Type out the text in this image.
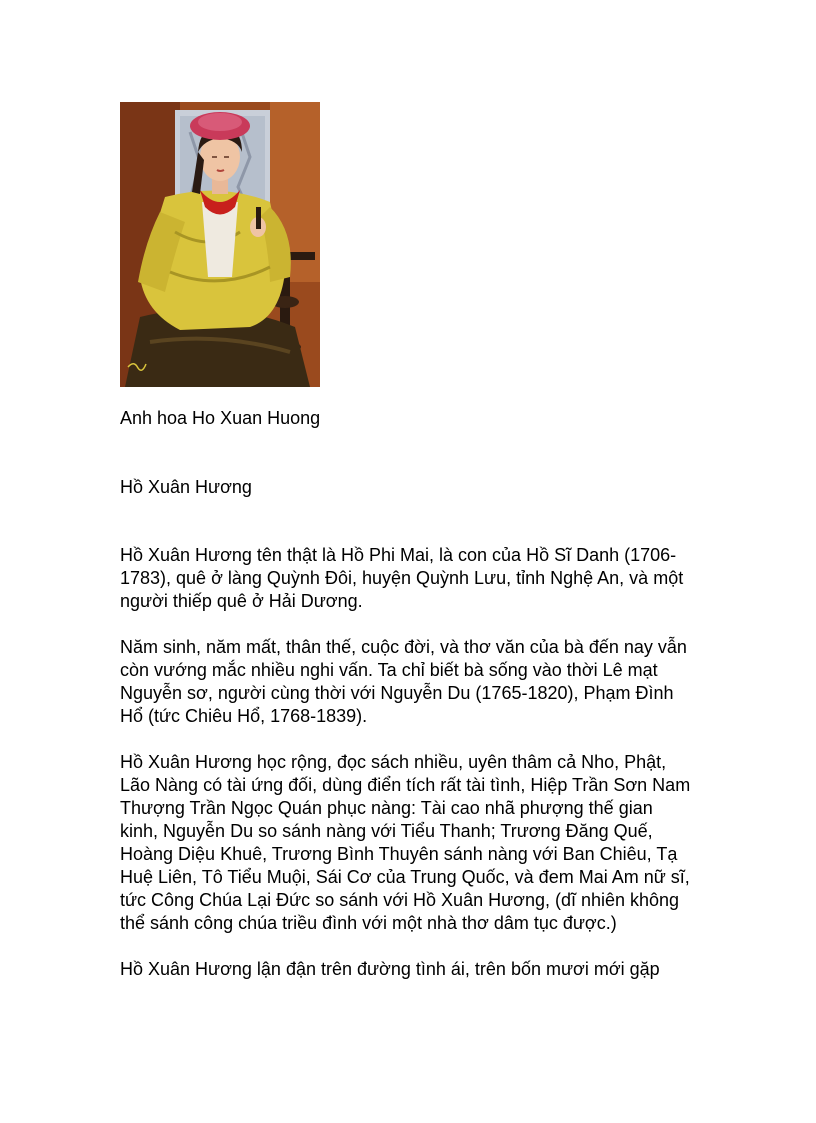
Anh hoa Ho Xuan Huong
Hồ Xuân Hương

Hồ Xuân Hương tên thật là Hồ Phi Mai, là con của Hồ Sĩ Danh (1706-1783), quê ở làng Quỳnh Đôi, huyện Quỳnh Lưu, tỉnh Nghệ An, và một người thiếp quê ở Hải Dương.

Năm sinh, năm mất, thân thế, cuộc đời, và thơ văn của bà đến nay vẫn còn vướng mắc nhiều nghi vấn. Ta chỉ biết bà sống vào thời Lê mạt Nguyễn sơ, người cùng thời với Nguyễn Du (1765-1820), Phạm Đình Hổ (tức Chiêu Hổ, 1768-1839).

Hồ Xuân Hương học rộng, đọc sách nhiều, uyên thâm cả Nho, Phật, Lão Nàng có tài ứng đối, dùng điển tích rất tài tình, Hiệp Trần Sơn Nam Thượng Trần Ngọc Quán phục nàng: Tài cao nhã phượng thế gian kinh, Nguyễn Du so sánh nàng với Tiểu Thanh; Trương Đăng Quế, Hoàng Diệu Khuê, Trương Bình Thuyên sánh nàng với Ban Chiêu, Tạ Huệ Liên, Tô Tiểu Muội, Sái Cơ của Trung Quốc, và đem Mai Am nữ sĩ, tức Công Chúa Lại Đức so sánh với Hồ Xuân Hương, (dĩ nhiên không thể sánh công chúa triều đình với một nhà thơ dâm tục được.)

Hồ Xuân Hương lận đận trên đường tình ái, trên bốn mươi mới gặp
